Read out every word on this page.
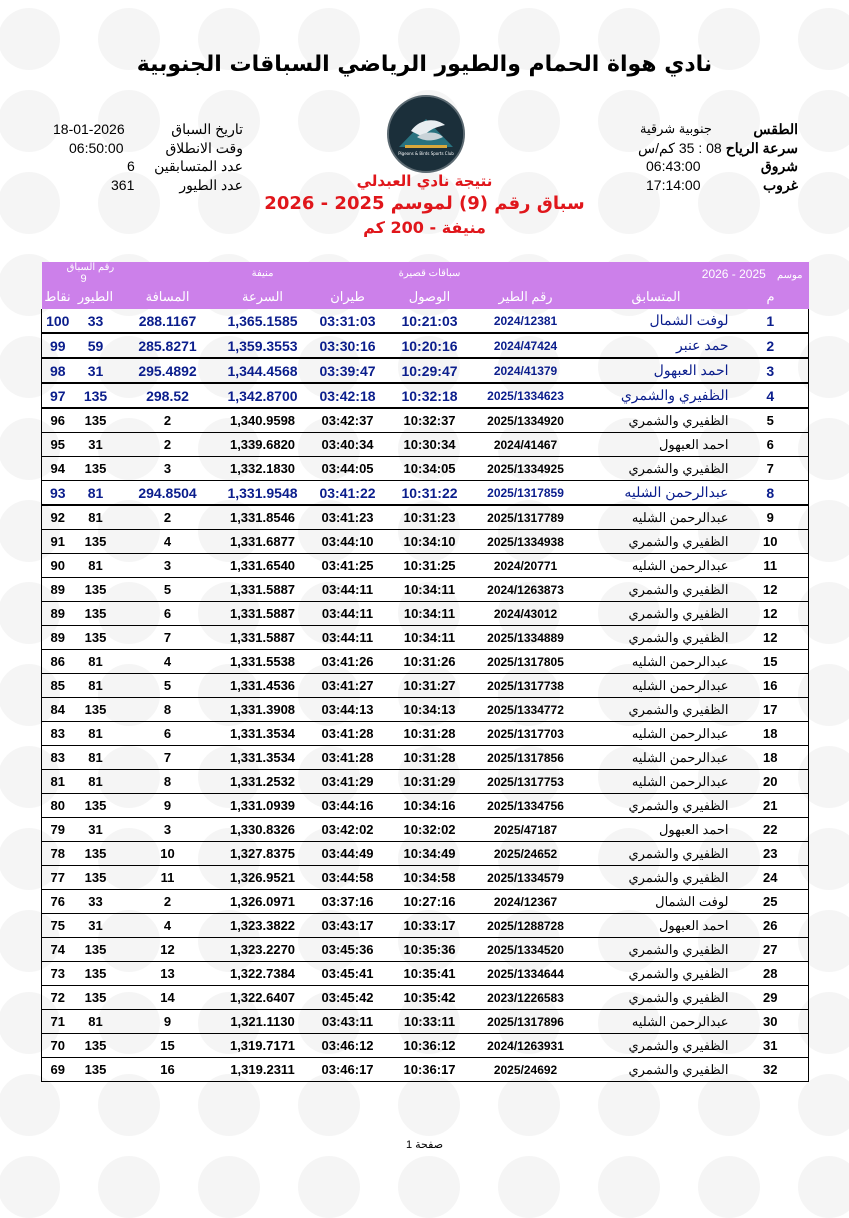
نادي هواة الحمام والطيور الرياضي السباقات الجنوبية
Pigeons & Birds Sports Club
تاريخ السباق
18-01-2026
وقت الانطلاق
06:50:00
عدد المتسابقين
6
عدد الطيور
361
الطقس
جنوبية شرقية
سرعة الرياح
08 : 35 كم/س
شروق
06:43:00
غروب
17:14:00
نتيجة نادي العبدلي
سباق رقم (9) لموسم 2025 - 2026
منيفة - 200 كم
رقم السباق      9			منيفة		سباقات قصيرة		2026 - 2025 موسم	
نقاط	الطيور	المسافة	السرعة	طيران	الوصول	رقم الطير	المتسابق	م
100	33	288.1167	1,365.1585	03:31:03	10:21:03	2024/12381	لوفت الشمال	1
99	59	285.8271	1,359.3553	03:30:16	10:20:16	2024/47424	حمد عنبر	2
98	31	295.4892	1,344.4568	03:39:47	10:29:47	2024/41379	احمد العبهول	3
97	135	298.52	1,342.8700	03:42:18	10:32:18	2025/1334623	الظفيري والشمري	4
96	135	2	1,340.9598	03:42:37	10:32:37	2025/1334920	الظفيري والشمري	5
95	31	2	1,339.6820	03:40:34	10:30:34	2024/41467	احمد العبهول	6
94	135	3	1,332.1830	03:44:05	10:34:05	2025/1334925	الظفيري والشمري	7
93	81	294.8504	1,331.9548	03:41:22	10:31:22	2025/1317859	عبدالرحمن الشليه	8
92	81	2	1,331.8546	03:41:23	10:31:23	2025/1317789	عبدالرحمن الشليه	9
91	135	4	1,331.6877	03:44:10	10:34:10	2025/1334938	الظفيري والشمري	10
90	81	3	1,331.6540	03:41:25	10:31:25	2024/20771	عبدالرحمن الشليه	11
89	135	5	1,331.5887	03:44:11	10:34:11	2024/1263873	الظفيري والشمري	12
89	135	6	1,331.5887	03:44:11	10:34:11	2024/43012	الظفيري والشمري	12
89	135	7	1,331.5887	03:44:11	10:34:11	2025/1334889	الظفيري والشمري	12
86	81	4	1,331.5538	03:41:26	10:31:26	2025/1317805	عبدالرحمن الشليه	15
85	81	5	1,331.4536	03:41:27	10:31:27	2025/1317738	عبدالرحمن الشليه	16
84	135	8	1,331.3908	03:44:13	10:34:13	2025/1334772	الظفيري والشمري	17
83	81	6	1,331.3534	03:41:28	10:31:28	2025/1317703	عبدالرحمن الشليه	18
83	81	7	1,331.3534	03:41:28	10:31:28	2025/1317856	عبدالرحمن الشليه	18
81	81	8	1,331.2532	03:41:29	10:31:29	2025/1317753	عبدالرحمن الشليه	20
80	135	9	1,331.0939	03:44:16	10:34:16	2025/1334756	الظفيري والشمري	21
79	31	3	1,330.8326	03:42:02	10:32:02	2025/47187	احمد العبهول	22
78	135	10	1,327.8375	03:44:49	10:34:49	2025/24652	الظفيري والشمري	23
77	135	11	1,326.9521	03:44:58	10:34:58	2025/1334579	الظفيري والشمري	24
76	33	2	1,326.0971	03:37:16	10:27:16	2024/12367	لوفت الشمال	25
75	31	4	1,323.3822	03:43:17	10:33:17	2025/1288728	احمد العبهول	26
74	135	12	1,323.2270	03:45:36	10:35:36	2025/1334520	الظفيري والشمري	27
73	135	13	1,322.7384	03:45:41	10:35:41	2025/1334644	الظفيري والشمري	28
72	135	14	1,322.6407	03:45:42	10:35:42	2023/1226583	الظفيري والشمري	29
71	81	9	1,321.1130	03:43:11	10:33:11	2025/1317896	عبدالرحمن الشليه	30
70	135	15	1,319.7171	03:46:12	10:36:12	2024/1263931	الظفيري والشمري	31
69	135	16	1,319.2311	03:46:17	10:36:17	2025/24692	الظفيري والشمري	32
صفحة 1
